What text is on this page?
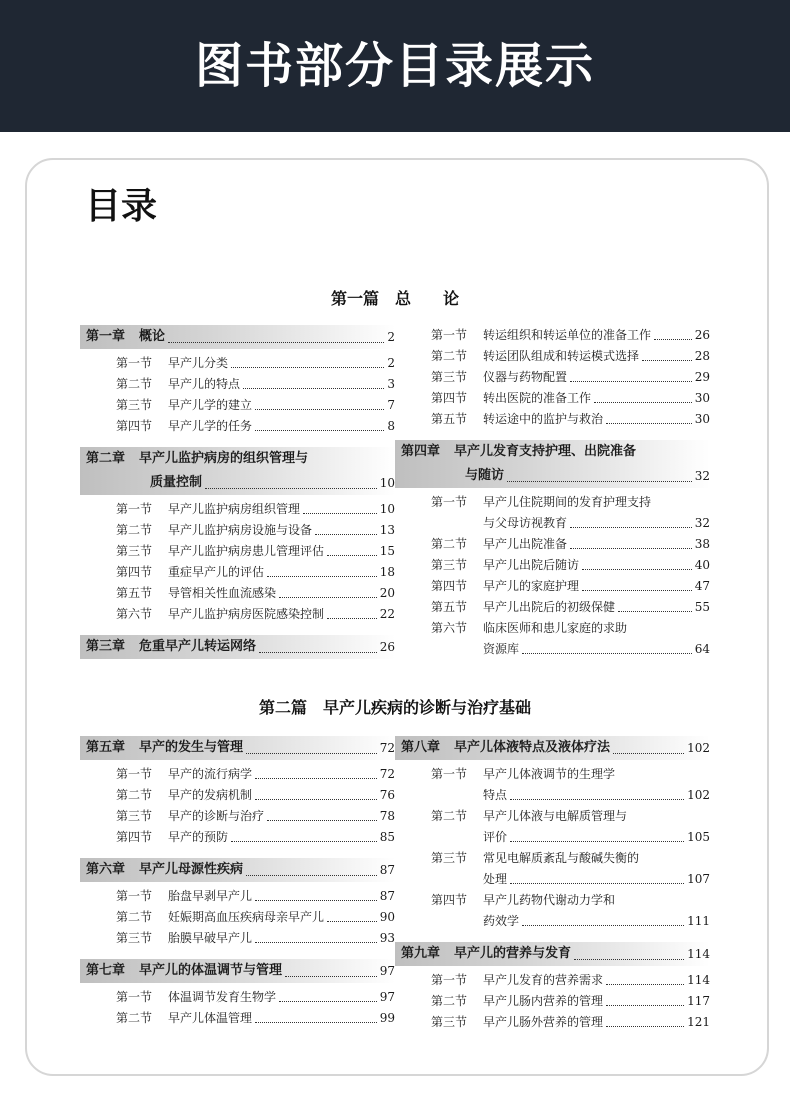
图书部分目录展示
目录
第一篇　总　　论
第二篇　早产儿疾病的诊断与治疗基础
第一章 概论	2
第一节	早产儿分类	2
第二节	早产儿的特点	3
第三节	早产儿学的建立	7
第四节	早产儿学的任务	8
第二章 早产儿监护病房的组织管理与
质量控制	10
第一节	早产儿监护病房组织管理	10
第二节	早产儿监护病房设施与设备	13
第三节	早产儿监护病房患儿管理评估	15
第四节	重症早产儿的评估	18
第五节	导管相关性血流感染	20
第六节	早产儿监护病房医院感染控制	22
第三章 危重早产儿转运网络	26
第一节	转运组织和转运单位的准备工作	26
第二节	转运团队组成和转运模式选择	28
第三节	仪器与药物配置	29
第四节	转出医院的准备工作	30
第五节	转运途中的监护与救治	30
第四章 早产儿发育支持护理、出院准备
与随访	32
第一节	早产儿住院期间的发育护理支持
与父母访视教育	32
第二节	早产儿出院准备	38
第三节	早产儿出院后随访	40
第四节	早产儿的家庭护理	47
第五节	早产儿出院后的初级保健	55
第六节	临床医师和患儿家庭的求助
资源库	64
第五章 早产的发生与管理	72
第一节	早产的流行病学	72
第二节	早产的发病机制	76
第三节	早产的诊断与治疗	78
第四节	早产的预防	85
第六章 早产儿母源性疾病	87
第一节	胎盘早剥早产儿	87
第二节	妊娠期高血压疾病母亲早产儿	90
第三节	胎膜早破早产儿	93
第七章 早产儿的体温调节与管理	97
第一节	体温调节发育生物学	97
第二节	早产儿体温管理	99
第八章 早产儿体液特点及液体疗法	102
第一节	早产儿体液调节的生理学
特点	102
第二节	早产儿体液与电解质管理与
评价	105
第三节	常见电解质紊乱与酸碱失衡的
处理	107
第四节	早产儿药物代谢动力学和
药效学	111
第九章 早产儿的营养与发育	114
第一节	早产儿发育的营养需求	114
第二节	早产儿肠内营养的管理	117
第三节	早产儿肠外营养的管理	121
